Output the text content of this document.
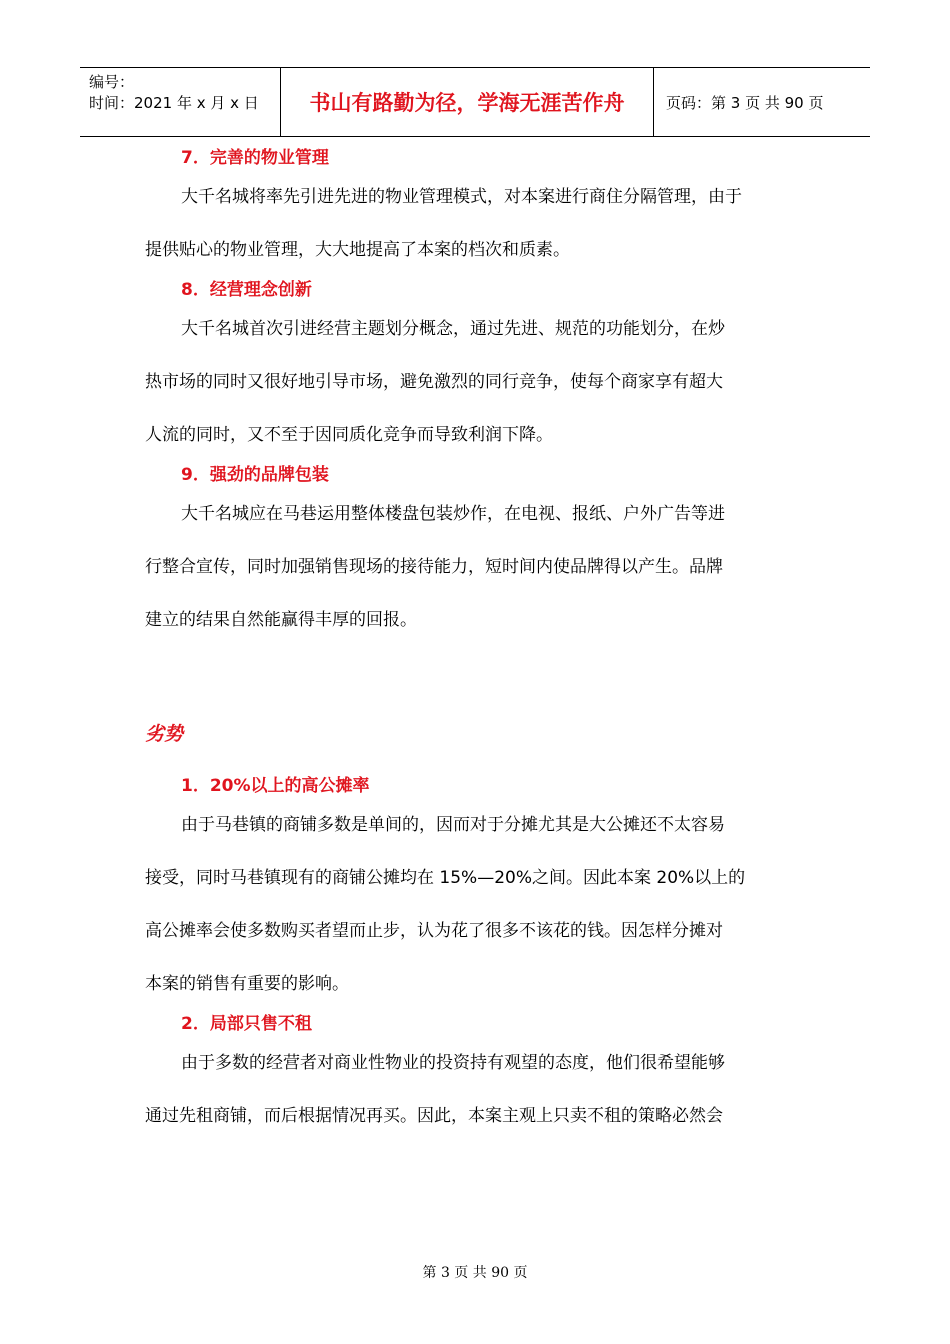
编号：
时间：2021 年 x 月 x 日	书山有路勤为径，学海无涯苦作舟	页码：第 3 页 共 90 页
7．完善的物业管理
大千名城将率先引进先进的物业管理模式，对本案进行商住分隔管理，由于
提供贴心的物业管理，大大地提高了本案的档次和质素。
8．经营理念创新
大千名城首次引进经营主题划分概念，通过先进、规范的功能划分，在炒
热市场的同时又很好地引导市场，避免激烈的同行竞争，使每个商家享有超大
人流的同时，又不至于因同质化竞争而导致利润下降。
9．强劲的品牌包装
大千名城应在马巷运用整体楼盘包装炒作，在电视、报纸、户外广告等进
行整合宣传，同时加强销售现场的接待能力，短时间内使品牌得以产生。品牌
建立的结果自然能赢得丰厚的回报。
劣势
1．20%以上的高公摊率
由于马巷镇的商铺多数是单间的，因而对于分摊尤其是大公摊还不太容易
接受，同时马巷镇现有的商铺公摊均在 15%—20%之间。因此本案 20%以上的
高公摊率会使多数购买者望而止步，认为花了很多不该花的钱。因怎样分摊对
本案的销售有重要的影响。
2．局部只售不租
由于多数的经营者对商业性物业的投资持有观望的态度，他们很希望能够
通过先租商铺，而后根据情况再买。因此，本案主观上只卖不租的策略必然会
第 3 页 共 90 页
